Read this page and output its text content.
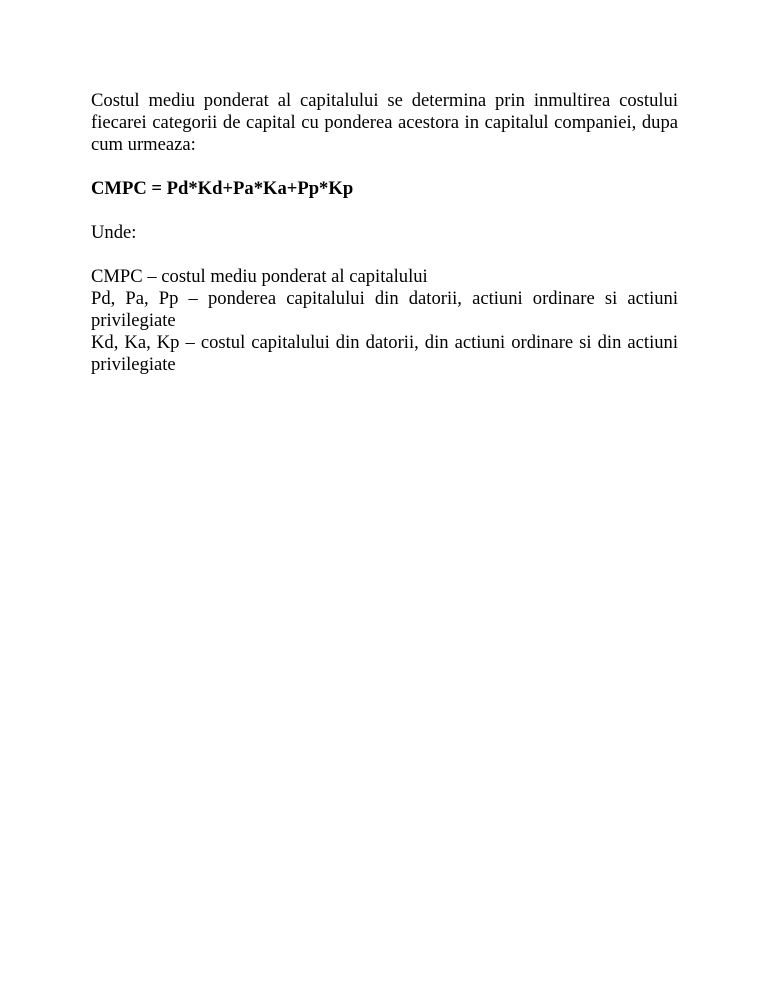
Costul mediu ponderat al capitalului se determina prin inmultirea costului fiecarei categorii de capital cu ponderea acestora in capitalul companiei, dupa cum urmeaza:

CMPC = Pd*Kd+Pa*Ka+Pp*Kp

Unde:

CMPC – costul mediu ponderat al capitalului

Pd, Pa, Pp – ponderea capitalului din datorii, actiuni ordinare si actiuni privilegiate

Kd, Ka, Kp – costul capitalului din datorii, din actiuni ordinare si din actiuni privilegiate
